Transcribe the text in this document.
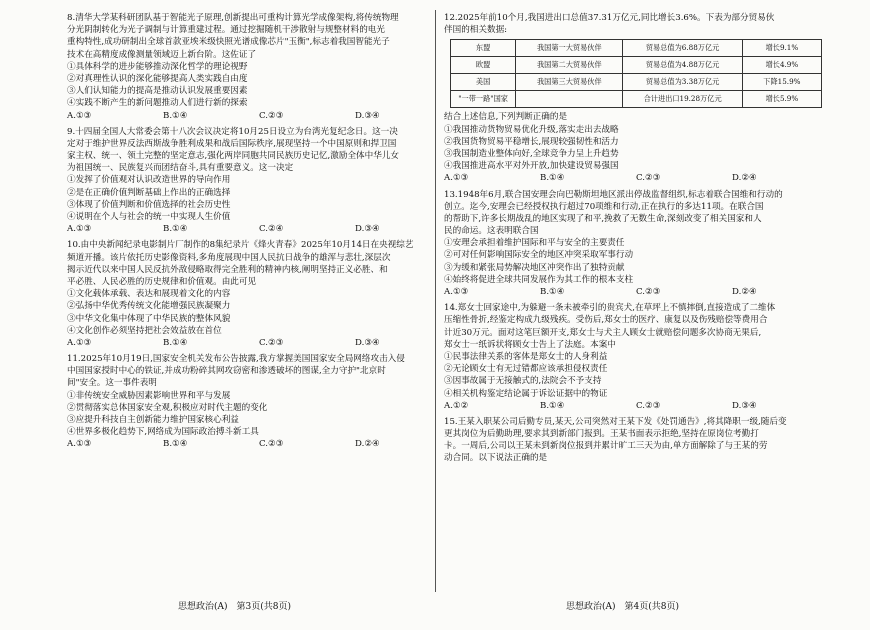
8.清华大学某科研团队基于智能光子原理,创新提出可重构计算光学成像架构,将传统物理
分光阴制转化为光子调制与计算重建过程。通过挖掘随机干涉散射与规整材料的电光
重构特性,成功研制出全球首款亚埃米级快照光谱成像芯片"玉衡",标志着我国智能光子
技术在高精度成像测量领域迈上新台阶。这佐证了
①具体科学的进步能够推动深化哲学的理论视野
②对真理性认识的深化能够提高人类实践自由度
③人们认知能力的提高是推动认识发展重要因素
④实践不断产生的新问题推动人们进行新的探索
A.①③	B.①④	C.②③	D.③④
9.十四届全国人大常委会第十八次会议决定将10月25日设立为台湾光复纪念日。这一决
定对于维护世界反法西斯战争胜利成果和战后国际秩序,展现坚持一个中国原则和捍卫国
家主权、统一、领土完整的坚定意志,强化两岸同胞共同民族历史记忆,激励全体中华儿女
为祖国统一、民族复兴而团结奋斗,具有重要意义。这一决定
①发挥了价值观对认识改造世界的导向作用
②是在正确价值判断基础上作出的正确选择
③体现了价值判断和价值选择的社会历史性
④说明在个人与社会的统一中实现人生价值
A.①③	B.①④	C.②④	D.③④
10.由中央新闻纪录电影制片厂制作的8集纪录片《烽火青春》2025年10月14日在央视综艺
频道开播。该片依托历史影像资料,多角度展现中国人民抗日战争的雄浑与悲壮,深层次
揭示近代以来中国人民反抗外敌侵略取得完全胜利的精神内核,阐明坚持正义必胜、和
平必胜、人民必胜的历史规律和价值观。由此可见
①文化载体承载、表达和展现着文化的内容
②弘扬中华优秀传统文化能增强民族凝聚力
③中华文化集中体现了中华民族的整体风貌
④文化创作必须坚持把社会效益放在首位
A.①③	B.①④	C.②③	D.③④
11.2025年10月19日,国家安全机关发布公告披露,我方掌握美国国家安全局网络攻击入侵
中国国家授时中心的铁证,并成功粉碎其网攻窃密和渗透破坏的图谋,全力守护"北京时
间"安全。这一事件表明
①非传统安全威胁因素影响世界和平与发展
②贯彻落实总体国家安全观,积极应对时代主题的变化
③应提升科技自主创新能力维护国家核心利益
④世界多极化趋势下,网络成为国际政治搏斗新工具
A.①③	B.①④	C.②③	D.②④
12.2025年前10个月,我国进出口总值37.31万亿元,同比增长3.6%。下表为部分贸易伙
伴国的相关数据:
东盟	我国第一大贸易伙伴	贸易总值为6.88万亿元	增长9.1%
欧盟	我国第二大贸易伙伴	贸易总值为4.88万亿元	增长4.9%
美国	我国第三大贸易伙伴	贸易总值为3.38万亿元	下降15.9%
"一带一路"国家		合计进出口19.28万亿元	增长5.9%
结合上述信息,下列判断正确的是
①我国推动货物贸易优化升级,落实走出去战略
②我国货物贸易平稳增长,展现较强韧性和活力
③我国制造业整体向好,全球竞争力呈上升趋势
④我国推进高水平对外开放,加快建设贸易强国
A.①③	B.①④	C.②③	D.②④
13.1948年6月,联合国安理会向巴勒斯坦地区派出停战监督组织,标志着联合国维和行动的
创立。迄今,安理会已经授权执行超过70项维和行动,正在执行的多达11项。在联合国
的帮助下,许多长期战乱的地区实现了和平,挽救了无数生命,深刻改变了相关国家和人
民的命运。这表明联合国
①安理会承担着维护国际和平与安全的主要责任
②可对任何影响国际安全的地区冲突采取军事行动
③为缓和紧张局势解决地区冲突作出了独特贡献
④始终将促进全球共同发展作为其工作的根本支柱
A.①③	B.①④	C.②③	D.②④
14.郑女士回家途中,为躲避一条未被牵引的贵宾犬,在草坪上不慎摔倒,直接造成了二维体
压缩性骨折,经鉴定构成九级残疾。受伤后,郑女士的医疗、康复以及伤残赔偿等费用合
计近30万元。面对这笔巨额开支,郑女士与犬主人顾女士就赔偿问题多次协商无果后,
郑女士一纸诉状将顾女士告上了法庭。本案中
①民事法律关系的客体是郑女士的人身利益
②无论顾女士有无过错都应该承担侵权责任
③因事故属于无接触式的,法院会不予支持
④相关机构鉴定结论属于诉讼证据中的物证
A.①②	B.①④	C.②③	D.③④
15.王某入职某公司后勤专员,某天,公司突然对王某下发《处罚通告》,将其降职一级,随后变
更其岗位为后勤助理,要求其到新部门报到。王某书面表示拒绝,坚持在原岗位考勤打
卡。一周后,公司以王某未到新岗位报到并累计旷工三天为由,单方面解除了与王某的劳
动合同。以下说法正确的是
思想政治(A)　第3页(共8页)	思想政治(A)　第4页(共8页)
